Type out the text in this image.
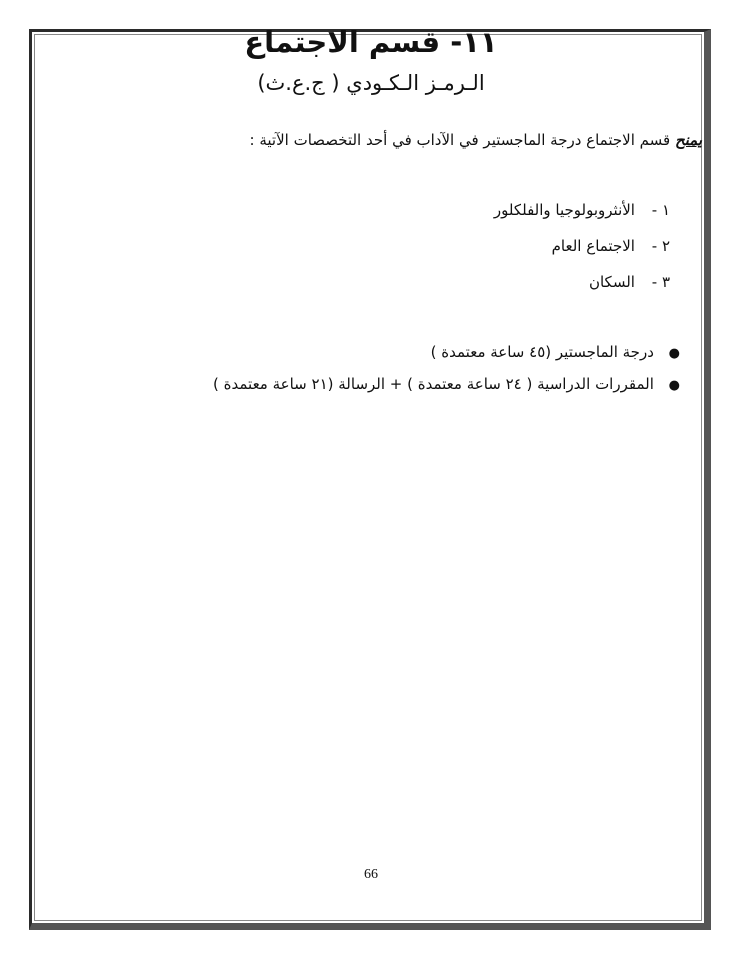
١١- قسم الاجتماع
الـرمـز الـكـودي ( ج.ع.ث)
يمنح قسم الاجتماع درجة الماجستير في الآداب في أحد التخصصات الآتية :
١ - الأنثروبولوجيا والفلكلور
٢ - الاجتماع العام
٣ - السكان
● درجة الماجستير (٤٥ ساعة معتمدة )
● المقررات الدراسية ( ٢٤ ساعة معتمدة ) + الرسالة (٢١ ساعة معتمدة )
66
